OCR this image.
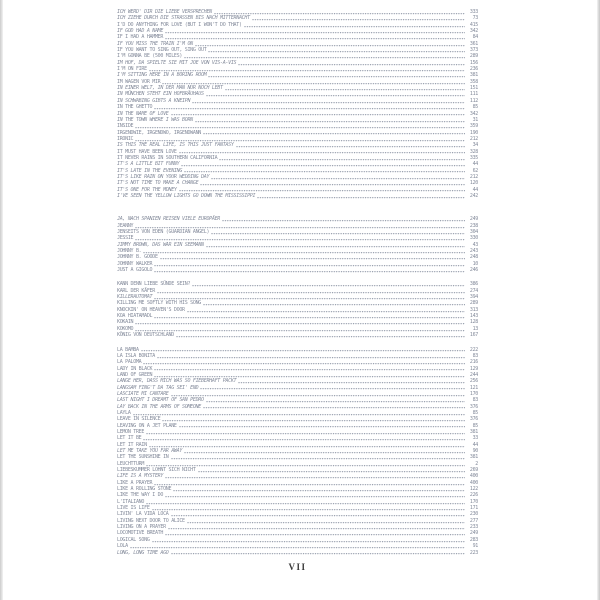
ICH WERD' DIR DIE LIEBE VERSPRECHEN	333
ICH ZIEHE DURCH DIE STRASSEN BIS NACH MITTERNACHT	73
I'D DO ANYTHING FOR LOVE (BUT I WON'T DO THAT)	415
IF GOD HAD A NAME	342
IF I HAD A HAMMER	84
IF YOU MISS THE TRAIN I'M ON	361
IF YOU WANT TO SING OUT, SING OUT	373
I'M GONNA BE (500 MILES)	289
IM HOF, DA SPIELTE SIE MIT JOE VON VIS-A-VIS	156
I'M ON FIRE	236
I'M SITTING HERE IN A BORING ROOM	381
IM WAGEN VOR MIR	358
IN EINER WELT, IN DER MAN NUR NOCH LEBT	151
IN MÜNCHEN STEHT EIN HOFBRÄUHAUS	111
IN SCHWABING GIBTS A KNEIPN	112
IN THE GHETTO	85
IN THE NAME OF LOVE	342
IN THE TOWN WHERE I WAS BORN	31
INSIDE	359
IRGENDWIE, IRGENDWO, IRGENDWANN	190
IRONIC	212
IS THIS THE REAL LIFE, IS THIS JUST FANTASY	34
IT MUST HAVE BEEN LOVE	328
IT NEVER RAINS IN SOUTHERN CALIFORNIA	335
IT'S A LITTLE BIT FUNNY	44
IT'S LATE IN THE EVENING	62
IT'S LIKE RAIN ON YOUR WEDDING DAY	212
IT'S NOT TIME TO MAKE A CHANGE	120
IT'S ONE FOR THE MONEY	44
I'VE SEEN THE YELLOW LIGHTS GO DOWN THE MISSISSIPPI	242
JA, NACH SPANIEN REISEN VIELE EUROPÄER	249
JEANNY	238
JENSEITS VON EDEN (GUARDIAN ANGEL)	304
JESSIE	330
JIMMY BROWN, DAS WAR EIN SEEMANN	43
JOHNNY B.	243
JOHNNY B. GOODE	248
JOHNNY WALKER	10
JUST A GIGOLO	246
KANN DENN LIEBE SÜNDE SEIN?	386
KARL DER KÄFER	274
KILLERAUTOMAT	394
KILLING ME SOFTLY WITH HIS SONG	289
KNOCKIN' ON HEAVEN'S DOOR	313
KOA HIATAMADL	143
KOKAIN	128
KOKOMO	13
KÖNIG VON DEUTSCHLAND	167
LA BAMBA	222
LA ISLA BONITA	83
LA PALOMA	216
LADY IN BLACK	129
LAND OF GREEN	244
LANGE HER, DASS MICH WAS SO FIEBERHAFT PACKT	256
LANGSAM FING'T DA TAG SEI' END	121
LASCIATE MI CANTARE	170
LAST NIGHT I DREAMT OF SAN PEDRO	83
LAY BACK IN THE ARMS OF SOMEONE	376
LAYLA	85
LEAVE IN SILENCE	376
LEAVING ON A JET PLANE	85
LEMON TREE	381
LET IT BE	33
LET IT RAIN	44
LET ME TAKE YOU FAR AWAY	90
LET THE SUNSHINE IN	381
LEUCHTTURM	2
LIEBESKUMMER LOHNT SICH NICHT	269
LIFE IS A MYSTERY	400
LIKE A PRAYER	400
LIKE A ROLLING STONE	122
LIKE THE WAY I DO	226
L'ITALIANO	170
LIVE IS LIFE	171
LIVIN' LA VIDA LOCA	230
LIVING NEXT DOOR TO ALICE	277
LIVING ON A PRAYER	233
LOCOMOTIVE BREATH	249
LOGICAL SONG	283
LOLA	91
LONG, LONG TIME AGO	223
VII
